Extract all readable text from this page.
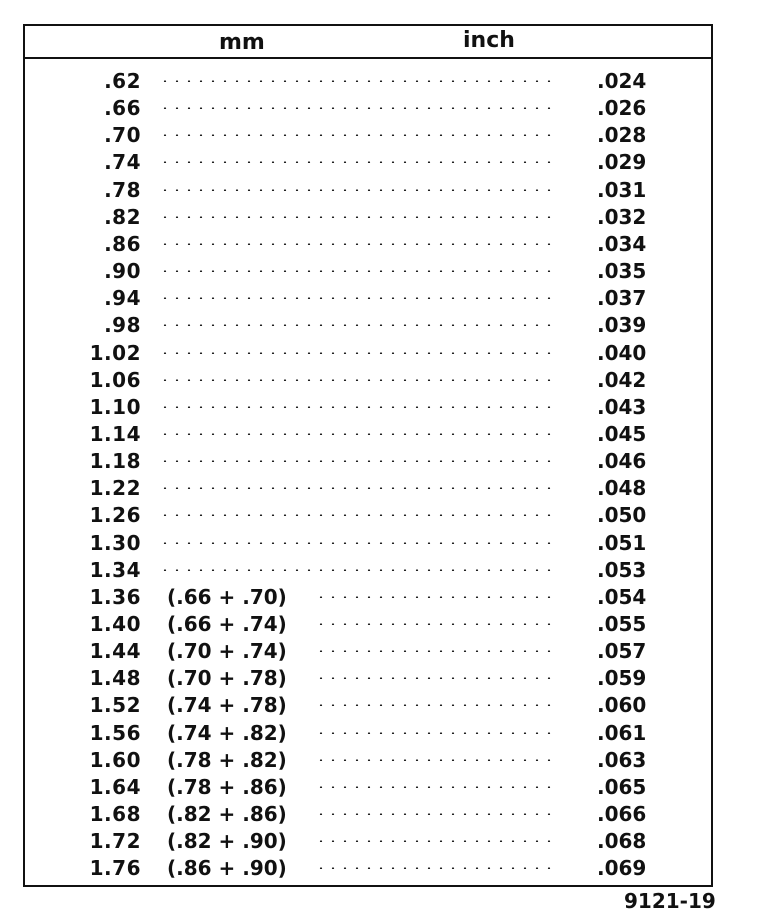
mm	inch
.62	.024
.66	.026
.70	.028
.74	.029
.78	.031
.82	.032
.86	.034
.90	.035
.94	.037
.98	.039
1.02	.040
1.06	.042
1.10	.043
1.14	.045
1.18	.046
1.22	.048
1.26	.050
1.30	.051
1.34	.053
1.36 (.66 + .70)	.054
1.40 (.66 + .74)	.055
1.44 (.70 + .74)	.057
1.48 (.70 + .78)	.059
1.52 (.74 + .78)	.060
1.56 (.74 + .82)	.061
1.60 (.78 + .82)	.063
1.64 (.78 + .86)	.065
1.68 (.82 + .86)	.066
1.72 (.82 + .90)	.068
1.76 (.86 + .90)	.069
9121-19
